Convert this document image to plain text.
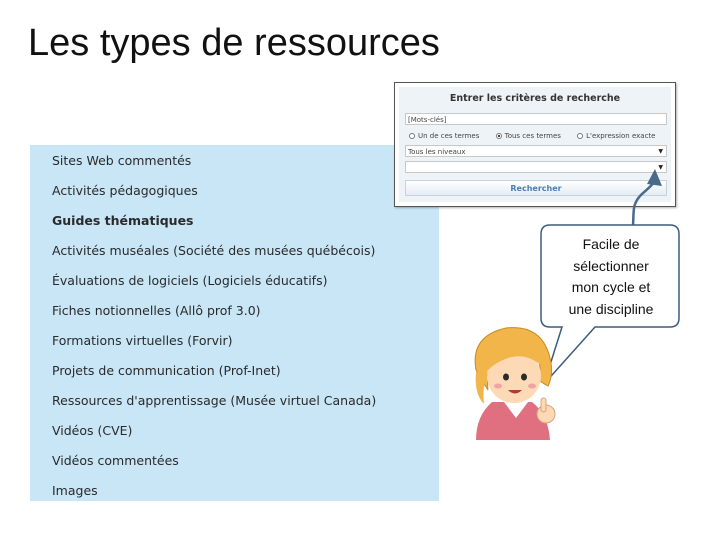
Les types de ressources
Sites Web commentés
Activités pédagogiques
Guides thématiques
Activités muséales (Société des musées québécois)
Évaluations de logiciels (Logiciels éducatifs)
Fiches notionnelles (Allô prof 3.0)
Formations virtuelles (Forvir)
Projets de communication (Prof-Inet)
Ressources d'apprentissage (Musée virtuel Canada)
Vidéos (CVE)
Vidéos commentées
Images
Entrer les critères de recherche
[Mots-clés]
Un de ces termes	Tous ces termes	L'expression exacte
Tous les niveaux	▼
▼
Rechercher
Facile de
sélectionner
mon cycle et
une discipline
